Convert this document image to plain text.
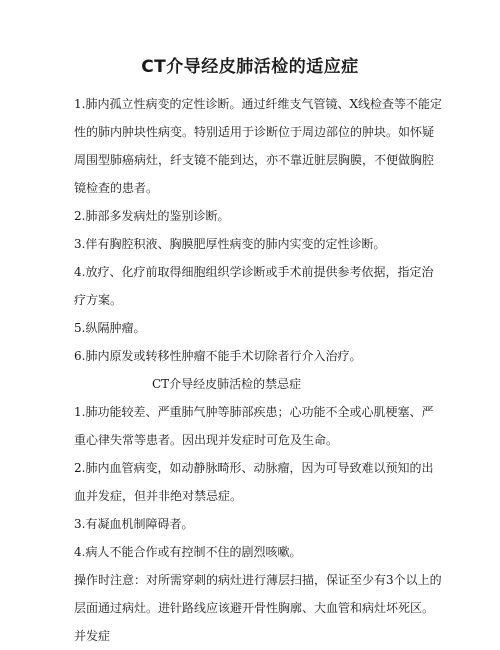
CT介导经皮肺活检的适应症

1.肺内孤立性病变的定性诊断。通过纤维支气管镜、X线检查等不能定性的肺内肿块性病变。特别适用于诊断位于周边部位的肿块。如怀疑周围型肺癌病灶，纤支镜不能到达，亦不靠近脏层胸膜，不便做胸腔镜检查的患者。

2.肺部多发病灶的鉴别诊断。

3.伴有胸腔积液、胸膜肥厚性病变的肺内实变的定性诊断。

4.放疗、化疗前取得细胞组织学诊断或手术前提供参考依据，指定治疗方案。

5.纵隔肿瘤。

6.肺内原发或转移性肿瘤不能手术切除者行介入治疗。

CT介导经皮肺活检的禁忌症

1.肺功能较差、严重肺气肿等肺部疾患；心功能不全或心肌梗塞、严重心律失常等患者。因出现并发症时可危及生命。

2.肺内血管病变，如动静脉畸形、动脉瘤，因为可导致难以预知的出血并发症，但并非绝对禁忌症。

3.有凝血机制障碍者。

4.病人不能合作或有控制不住的剧烈咳嗽。

操作时注意：对所需穿刺的病灶进行薄层扫描，保证至少有3个以上的层面通过病灶。进针路线应该避开骨性胸廓、大血管和病灶坏死区。

并发症
